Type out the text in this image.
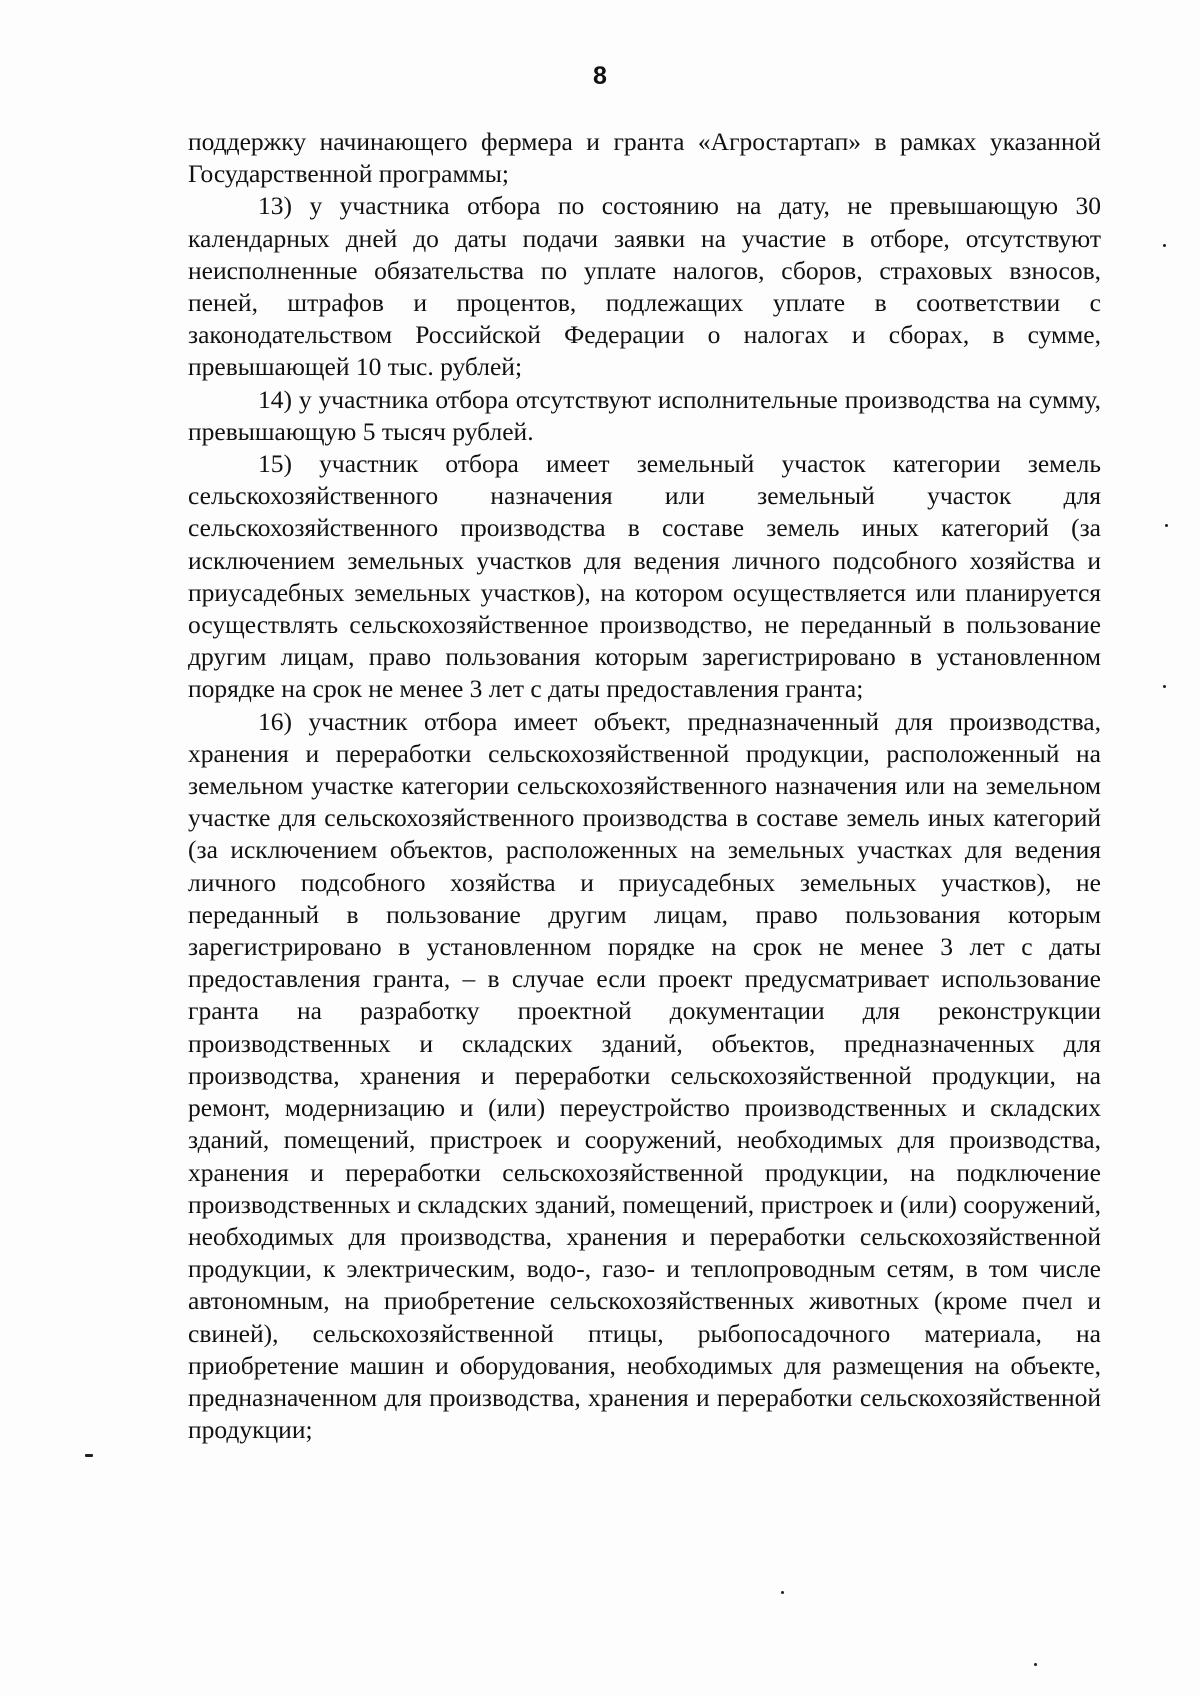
8

поддержку начинающего фермера и гранта «Агростартап» в рамках указанной Государственной программы;

13) у участника отбора по состоянию на дату, не превышающую 30 календарных дней до даты подачи заявки на участие в отборе, отсутствуют неисполненные обязательства по уплате налогов, сборов, страховых взносов, пеней, штрафов и процентов, подлежащих уплате в соответствии с законодательством Российской Федерации о налогах и сборах, в сумме, превышающей 10 тыс. рублей;

14) у участника отбора отсутствуют исполнительные производства на сумму, превышающую 5 тысяч рублей.

15) участник отбора имеет земельный участок категории земель сельскохозяйственного назначения или земельный участок для сельскохозяйственного производства в составе земель иных категорий (за исключением земельных участков для ведения личного подсобного хозяйства и приусадебных земельных участков), на котором осуществляется или планируется осуществлять сельскохозяйственное производство, не переданный в пользование другим лицам, право пользования которым зарегистрировано в установленном порядке на срок не менее 3 лет с даты предоставления гранта;

16) участник отбора имеет объект, предназначенный для производства, хранения и переработки сельскохозяйственной продукции, расположенный на земельном участке категории сельскохозяйственного назначения или на земельном участке для сельскохозяйственного производства в составе земель иных категорий (за исключением объектов, расположенных на земельных участках для ведения личного подсобного хозяйства и приусадебных земельных участков), не переданный в пользование другим лицам, право пользования которым зарегистрировано в установленном порядке на срок не менее 3 лет с даты предоставления гранта, – в случае если проект предусматривает использование гранта на разработку проектной документации для реконструкции производственных и складских зданий, объектов, предназначенных для производства, хранения и переработки сельскохозяйственной продукции, на ремонт, модернизацию и (или) переустройство производственных и складских зданий, помещений, пристроек и сооружений, необходимых для производства, хранения и переработки сельскохозяйственной продукции, на подключение производственных и складских зданий, помещений, пристроек и (или) сооружений, необходимых для производства, хранения и переработки сельскохозяйственной продукции, к электрическим, водо-, газо- и теплопроводным сетям, в том числе автономным, на приобретение сельскохозяйственных животных (кроме пчел и свиней), сельскохозяйственной птицы, рыбопосадочного материала, на приобретение машин и оборудования, необходимых для размещения на объекте, предназначенном для производства, хранения и переработки сельскохозяйственной продукции;
